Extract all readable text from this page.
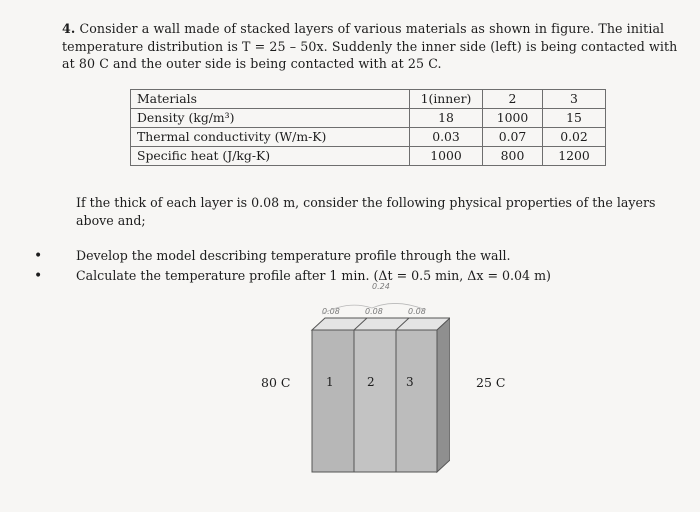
4. Consider a wall made of stacked layers of various materials as shown in figure. The initial temperature distribution is T = 25 – 50x. Suddenly the inner side (left) is being contacted with at 80 C and the outer side is being contacted with at 25 C.
Materials	1(inner)	2	3
Density (kg/m³)	18	1000	15
Thermal conductivity (W/m-K)	0.03	0.07	0.02
Specific heat (J/kg-K)	1000	800	1200
If the thick of each layer is 0.08 m, consider the following physical properties of the layers above and;
•	Develop the model describing temperature profile through the wall.
•	Calculate the temperature profile after 1 min. (Δt = 0.5 min, Δx = 0.04 m)
0.24
0.08	0.08	0.08
80 C	25 C
1	2	3
